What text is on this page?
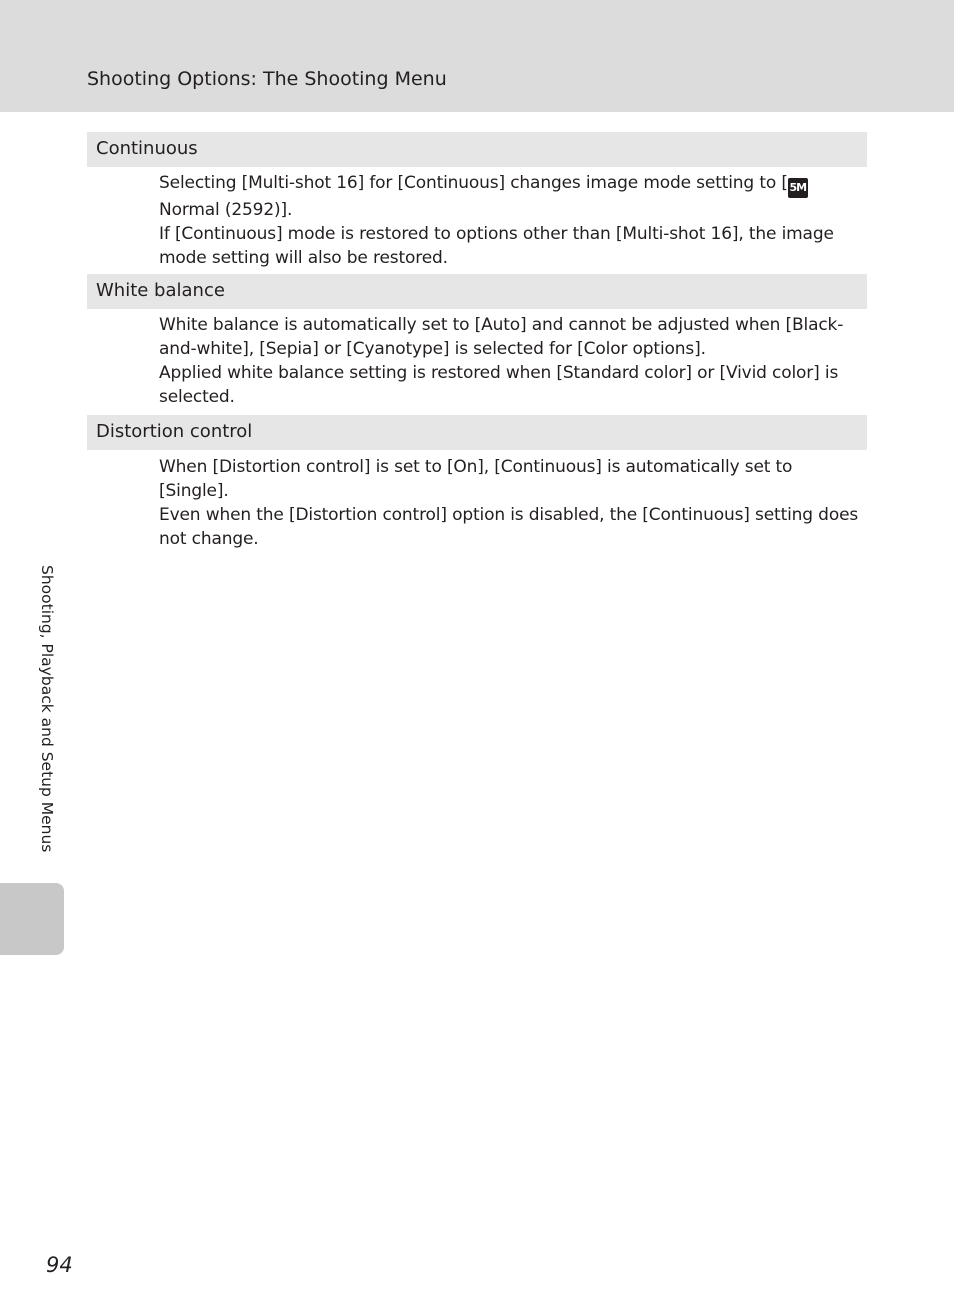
Shooting Options: The Shooting Menu
Continuous

Selecting [Multi-shot 16] for [Continuous] changes image mode setting to [ 5M Normal (2592)].

If [Continuous] mode is restored to options other than [Multi-shot 16], the image mode setting will also be restored.

White balance

White balance is automatically set to [Auto] and cannot be adjusted when [Black-and-white], [Sepia] or [Cyanotype] is selected for [Color options].

Applied white balance setting is restored when [Standard color] or [Vivid color] is selected.

Distortion control

When [Distortion control] is set to [On], [Continuous] is automatically set to [Single].

Even when the [Distortion control] option is disabled, the [Continuous] setting does not change.

Shooting, Playback and Setup Menus
94
